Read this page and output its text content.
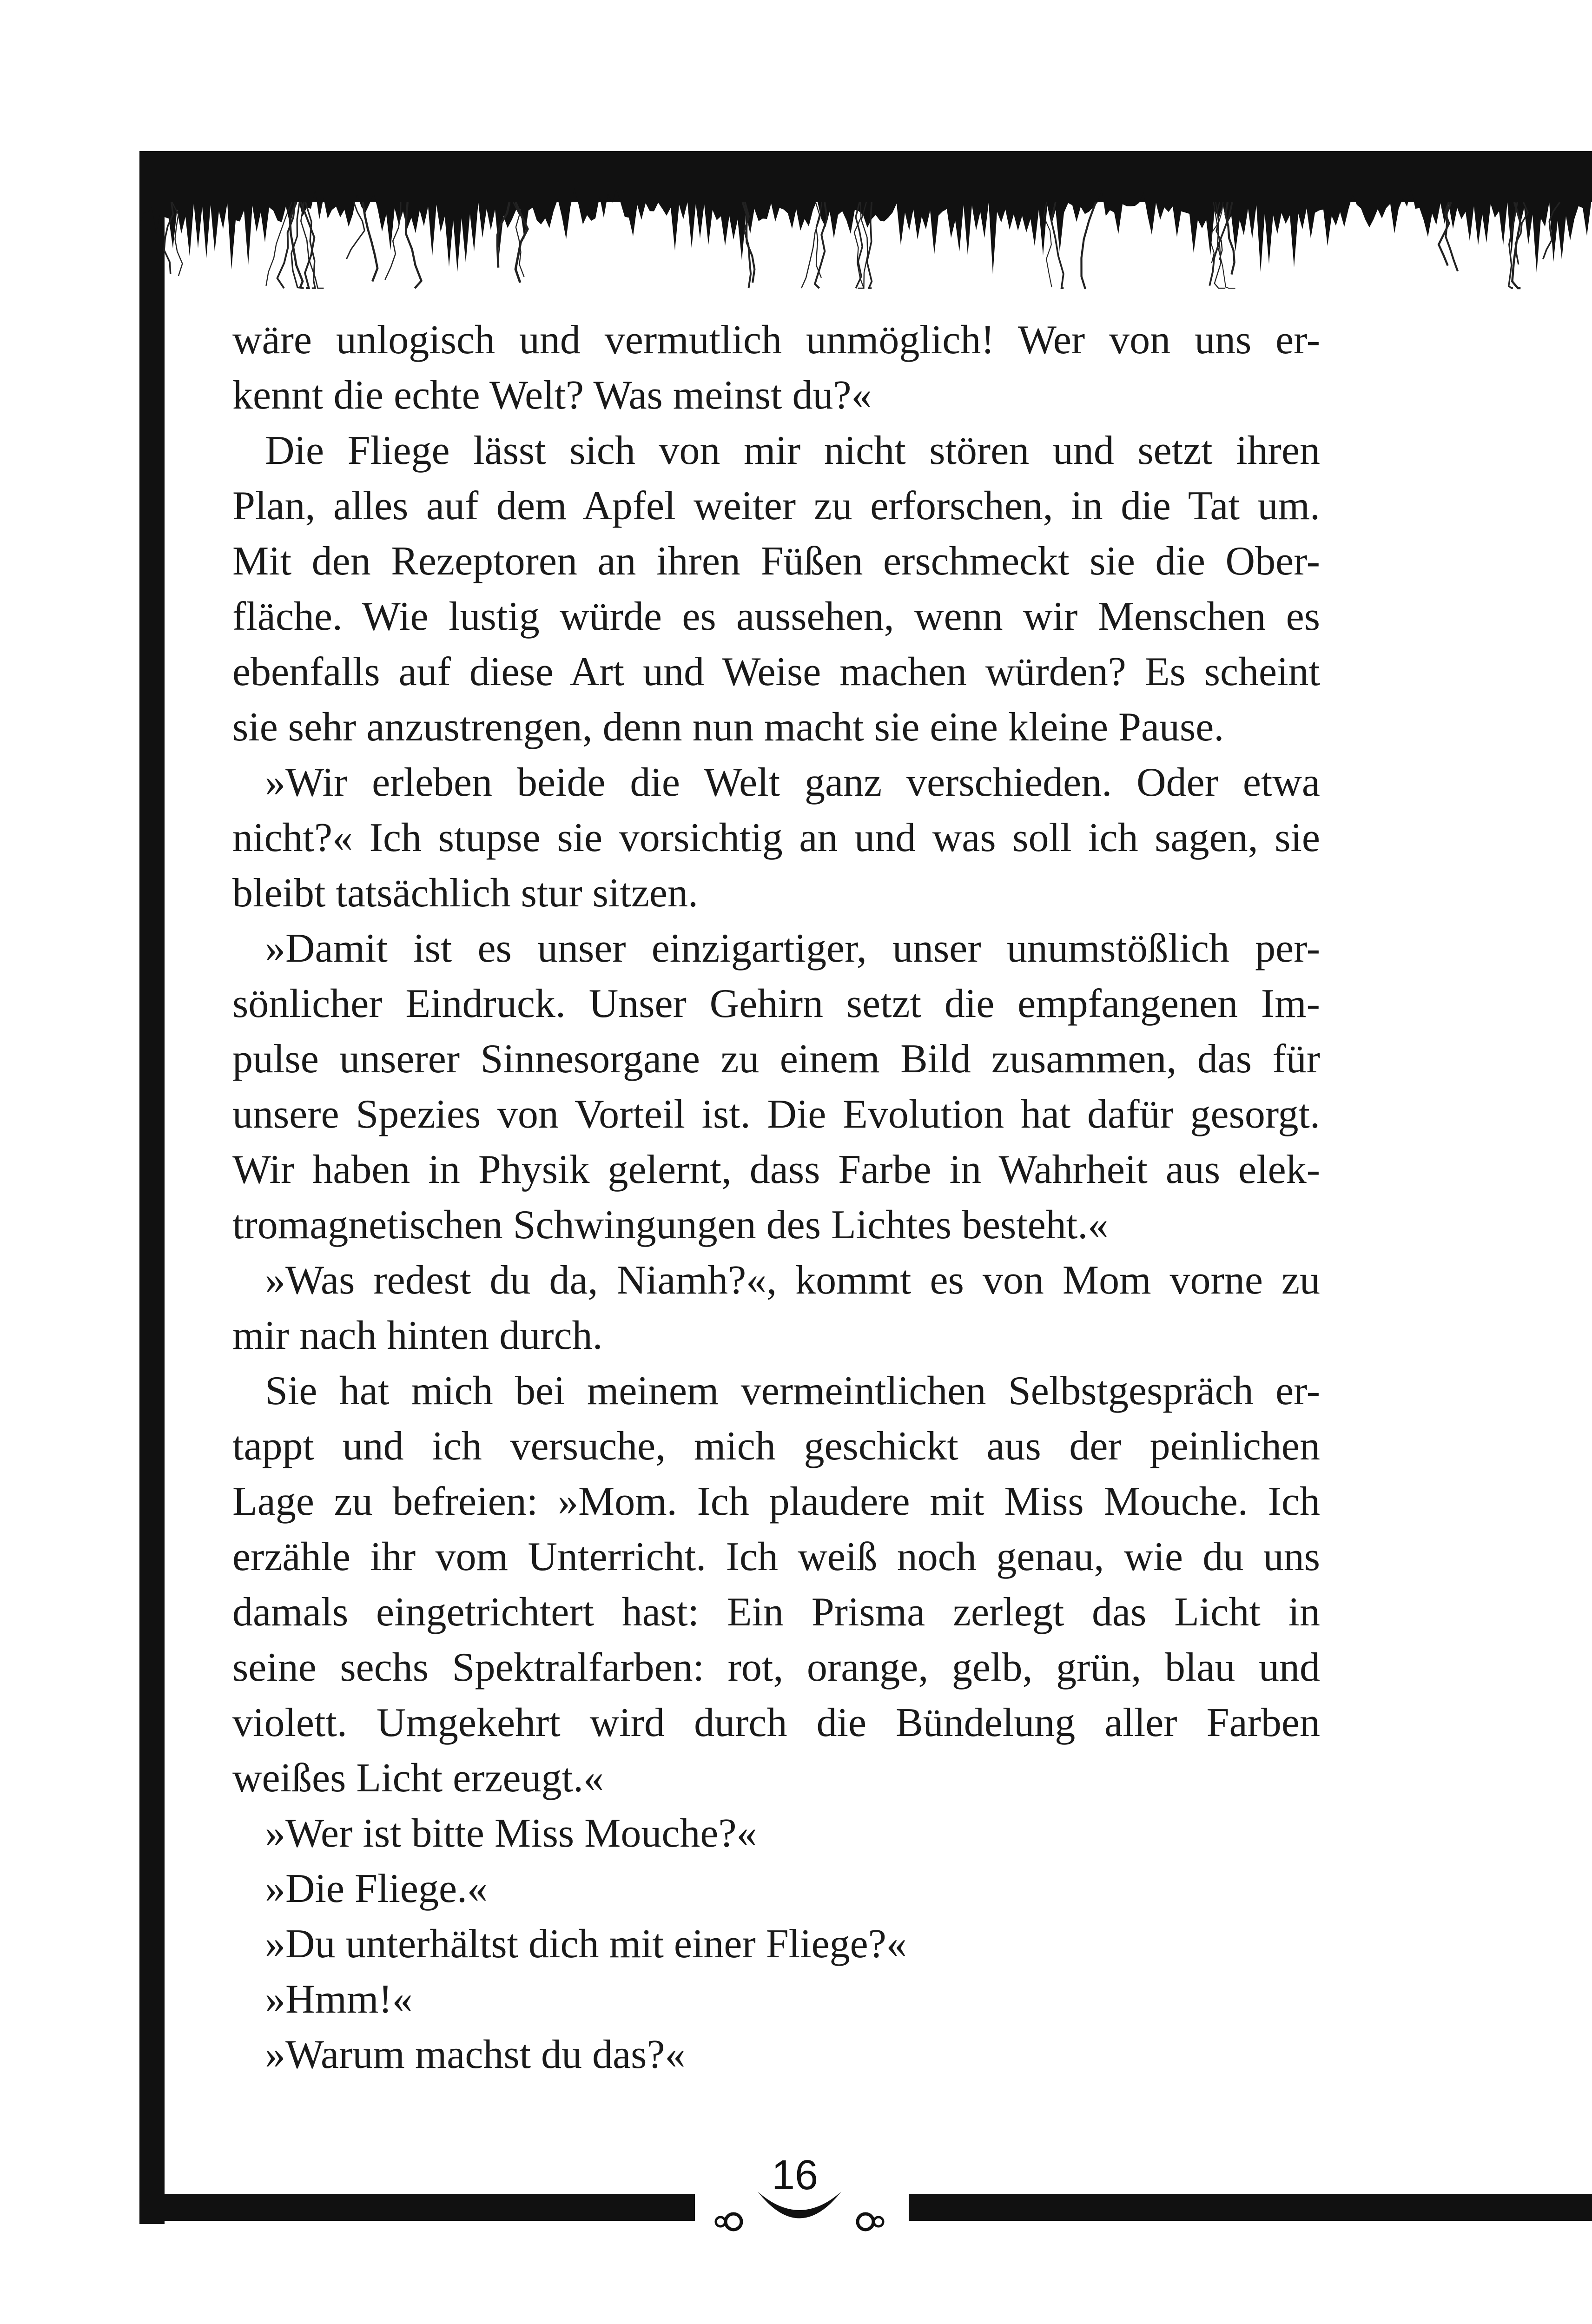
wäre unlogisch und vermutlich unmöglich! Wer von uns er-
kennt die echte Welt? Was meinst du?«
Die Fliege lässt sich von mir nicht stören und setzt ihren
Plan, alles auf dem Apfel weiter zu erforschen, in die Tat um.
Mit den Rezeptoren an ihren Füßen erschmeckt sie die Ober-
fläche. Wie lustig würde es aussehen, wenn wir Menschen es
ebenfalls auf diese Art und Weise machen würden? Es scheint
sie sehr anzustrengen, denn nun macht sie eine kleine Pause.
»Wir erleben beide die Welt ganz verschieden. Oder etwa
nicht?« Ich stupse sie vorsichtig an und was soll ich sagen, sie
bleibt tatsächlich stur sitzen.
»Damit ist es unser einzigartiger, unser unumstößlich per-
sönlicher Eindruck. Unser Gehirn setzt die empfangenen Im-
pulse unserer Sinnesorgane zu einem Bild zusammen, das für
unsere Spezies von Vorteil ist. Die Evolution hat dafür gesorgt.
Wir haben in Physik gelernt, dass Farbe in Wahrheit aus elek-
tromagnetischen Schwingungen des Lichtes besteht.«
»Was redest du da, Niamh?«, kommt es von Mom vorne zu
mir nach hinten durch.
Sie hat mich bei meinem vermeintlichen Selbstgespräch er-
tappt und ich versuche, mich geschickt aus der peinlichen
Lage zu befreien: »Mom. Ich plaudere mit Miss Mouche. Ich
erzähle ihr vom Unterricht. Ich weiß noch genau, wie du uns
damals eingetrichtert hast: Ein Prisma zerlegt das Licht in
seine sechs Spektralfarben: rot, orange, gelb, grün, blau und
violett. Umgekehrt wird durch die Bündelung aller Farben
weißes Licht erzeugt.«
»Wer ist bitte Miss Mouche?«
»Die Fliege.«
»Du unterhältst dich mit einer Fliege?«
»Hmm!«
»Warum machst du das?«
16
